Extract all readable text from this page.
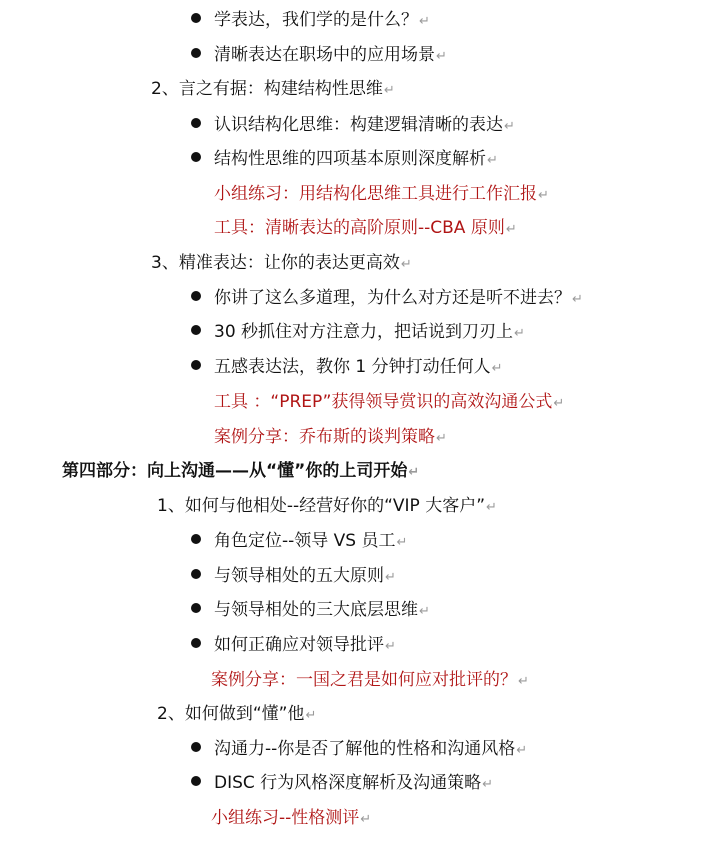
学表达，我们学的是什么？↵
清晰表达在职场中的应用场景↵
2、言之有据：构建结构性思维↵
认识结构化思维：构建逻辑清晰的表达↵
结构性思维的四项基本原则深度解析↵
小组练习：用结构化思维工具进行工作汇报↵
工具：清晰表达的高阶原则--CBA 原则↵
3、精准表达：让你的表达更高效↵
你讲了这么多道理，为什么对方还是听不进去？↵
30 秒抓住对方注意力，把话说到刀刃上↵
五感表达法，教你 1 分钟打动任何人↵
工具 ：“PREP”获得领导赏识的高效沟通公式↵
案例分享：乔布斯的谈判策略↵
第四部分：向上沟通——从“懂”你的上司开始↵
1、如何与他相处--经营好你的“VIP 大客户”↵
角色定位--领导 VS 员工↵
与领导相处的五大原则↵
与领导相处的三大底层思维↵
如何正确应对领导批评↵
案例分享：一国之君是如何应对批评的？↵
2、如何做到“懂”他↵
沟通力--你是否了解他的性格和沟通风格↵
DISC 行为风格深度解析及沟通策略↵
小组练习--性格测评↵
